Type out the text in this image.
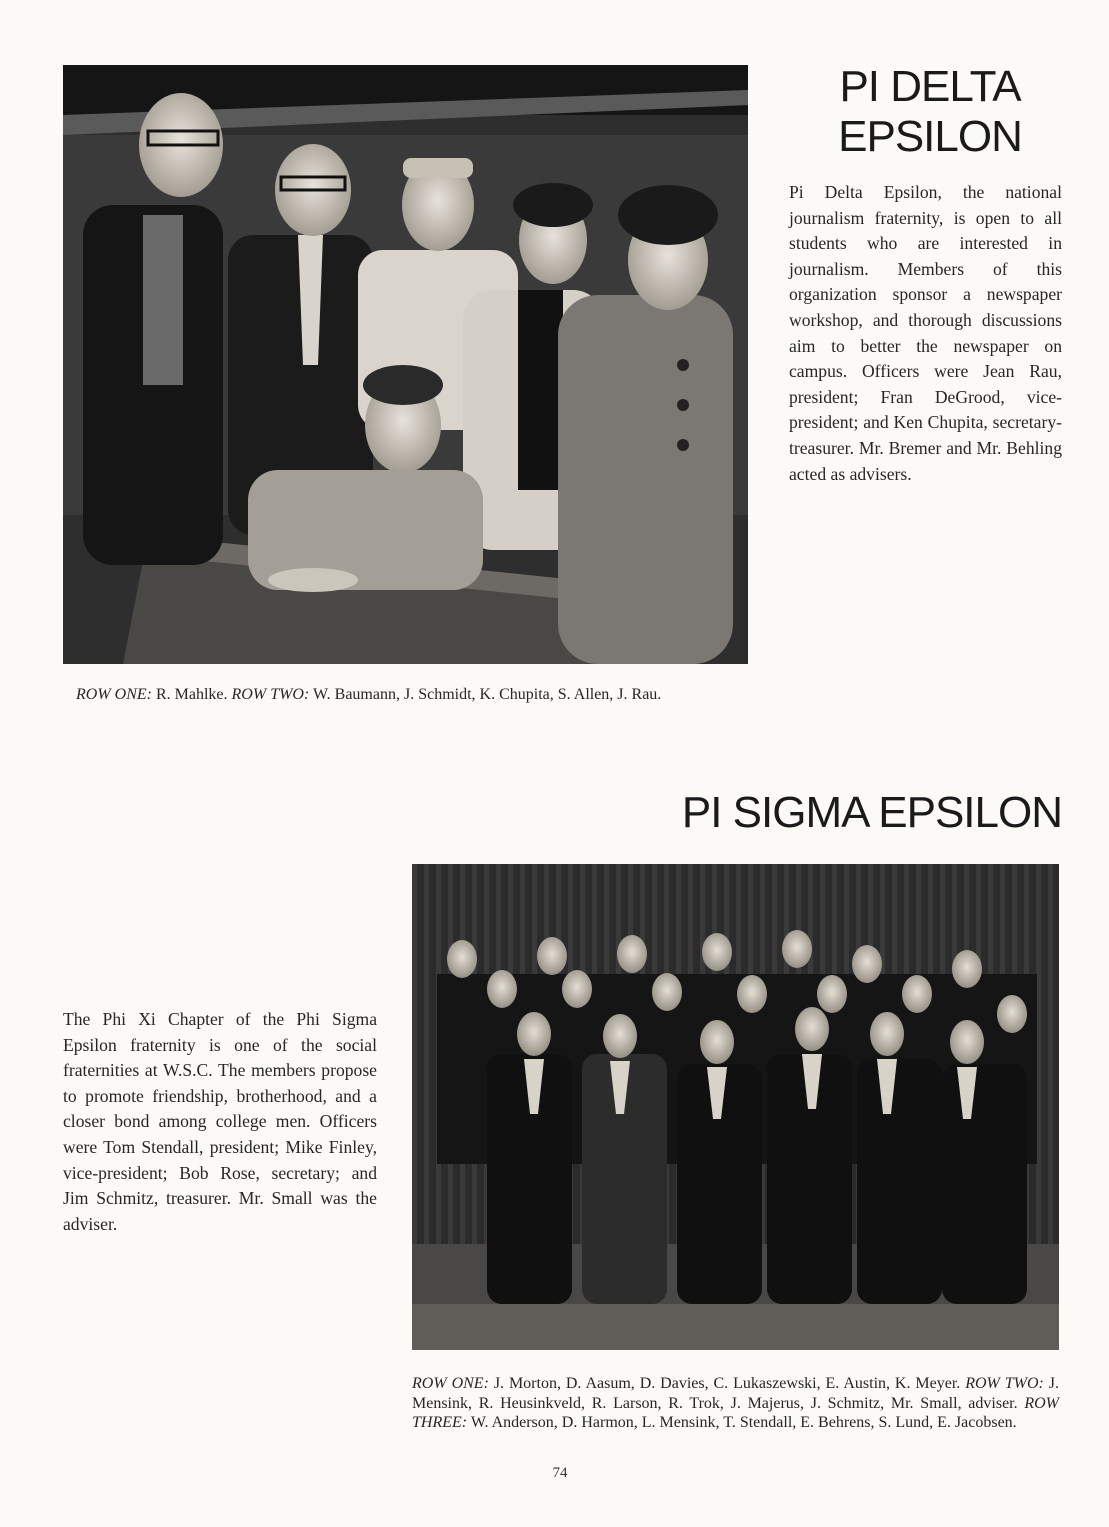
PI DELTA
EPSILON

Pi Delta Epsilon, the national journalism fraternity, is open to all students who are interested in journalism. Members of this organization sponsor a newspaper workshop, and thorough discussions aim to better the newspaper on campus. Officers were Jean Rau, president; Fran DeGrood, vice-president; and Ken Chupita, secretary-treasurer. Mr. Bremer and Mr. Behling acted as advisers.

ROW ONE: R. Mahlke. ROW TWO: W. Baumann, J. Schmidt, K. Chupita, S. Allen, J. Rau.

PI SIGMA EPSILON

The Phi Xi Chapter of the Phi Sigma Epsilon fraternity is one of the social fraternities at W.S.C. The members propose to promote friendship, brotherhood, and a closer bond among college men. Officers were Tom Stendall, president; Mike Finley, vice-president; Bob Rose, secretary; and Jim Schmitz, treasurer. Mr. Small was the adviser.

ROW ONE: J. Morton, D. Aasum, D. Davies, C. Lukaszewski, E. Austin, K. Meyer. ROW TWO: J. Mensink, R. Heusinkveld, R. Larson, R. Trok, J. Majerus, J. Schmitz, Mr. Small, adviser. ROW THREE: W. Anderson, D. Harmon, L. Mensink, T. Stendall, E. Behrens, S. Lund, E. Jacobsen.

74
